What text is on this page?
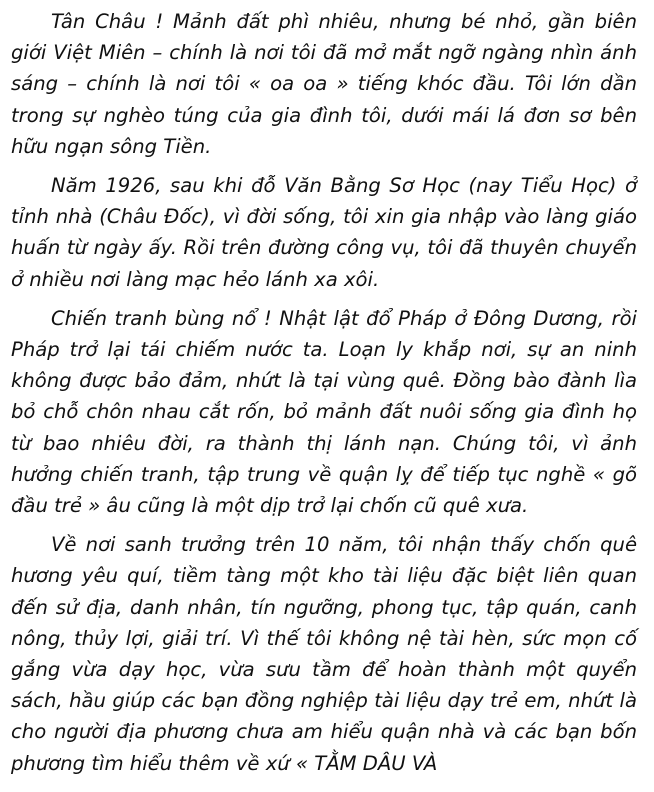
Tân Châu ! Mảnh đất phì nhiêu, nhưng bé nhỏ, gần biên giới Việt Miên – chính là nơi tôi đã mở mắt ngỡ ngàng nhìn ánh sáng – chính là nơi tôi « oa oa » tiếng khóc đầu. Tôi lớn dần trong sự nghèo túng của gia đình tôi, dưới mái lá đơn sơ bên hữu ngạn sông Tiền.

Năm 1926, sau khi đỗ Văn Bằng Sơ Học (nay Tiểu Học) ở tỉnh nhà (Châu Đốc), vì đời sống, tôi xin gia nhập vào làng giáo huấn từ ngày ấy. Rồi trên đường công vụ, tôi đã thuyên chuyển ở nhiều nơi làng mạc hẻo lánh xa xôi.

Chiến tranh bùng nổ ! Nhật lật đổ Pháp ở Đông Dương, rồi Pháp trở lại tái chiếm nước ta. Loạn ly khắp nơi, sự an ninh không được bảo đảm, nhứt là tại vùng quê. Đồng bào đành lìa bỏ chỗ chôn nhau cắt rốn, bỏ mảnh đất nuôi sống gia đình họ từ bao nhiêu đời, ra thành thị lánh nạn. Chúng tôi, vì ảnh hưởng chiến tranh, tập trung về quận lỵ để tiếp tục nghề « gõ đầu trẻ » âu cũng là một dịp trở lại chốn cũ quê xưa.

Về nơi sanh trưởng trên 10 năm, tôi nhận thấy chốn quê hương yêu quí, tiềm tàng một kho tài liệu đặc biệt liên quan đến sử địa, danh nhân, tín ngưỡng, phong tục, tập quán, canh nông, thủy lợi, giải trí. Vì thế tôi không nệ tài hèn, sức mọn cố gắng vừa dạy học, vừa sưu tầm để hoàn thành một quyển sách, hầu giúp các bạn đồng nghiệp tài liệu dạy trẻ em, nhứt là cho người địa phương chưa am hiểu quận nhà và các bạn bốn phương tìm hiểu thêm về xứ « TẰM DÂU VÀ
